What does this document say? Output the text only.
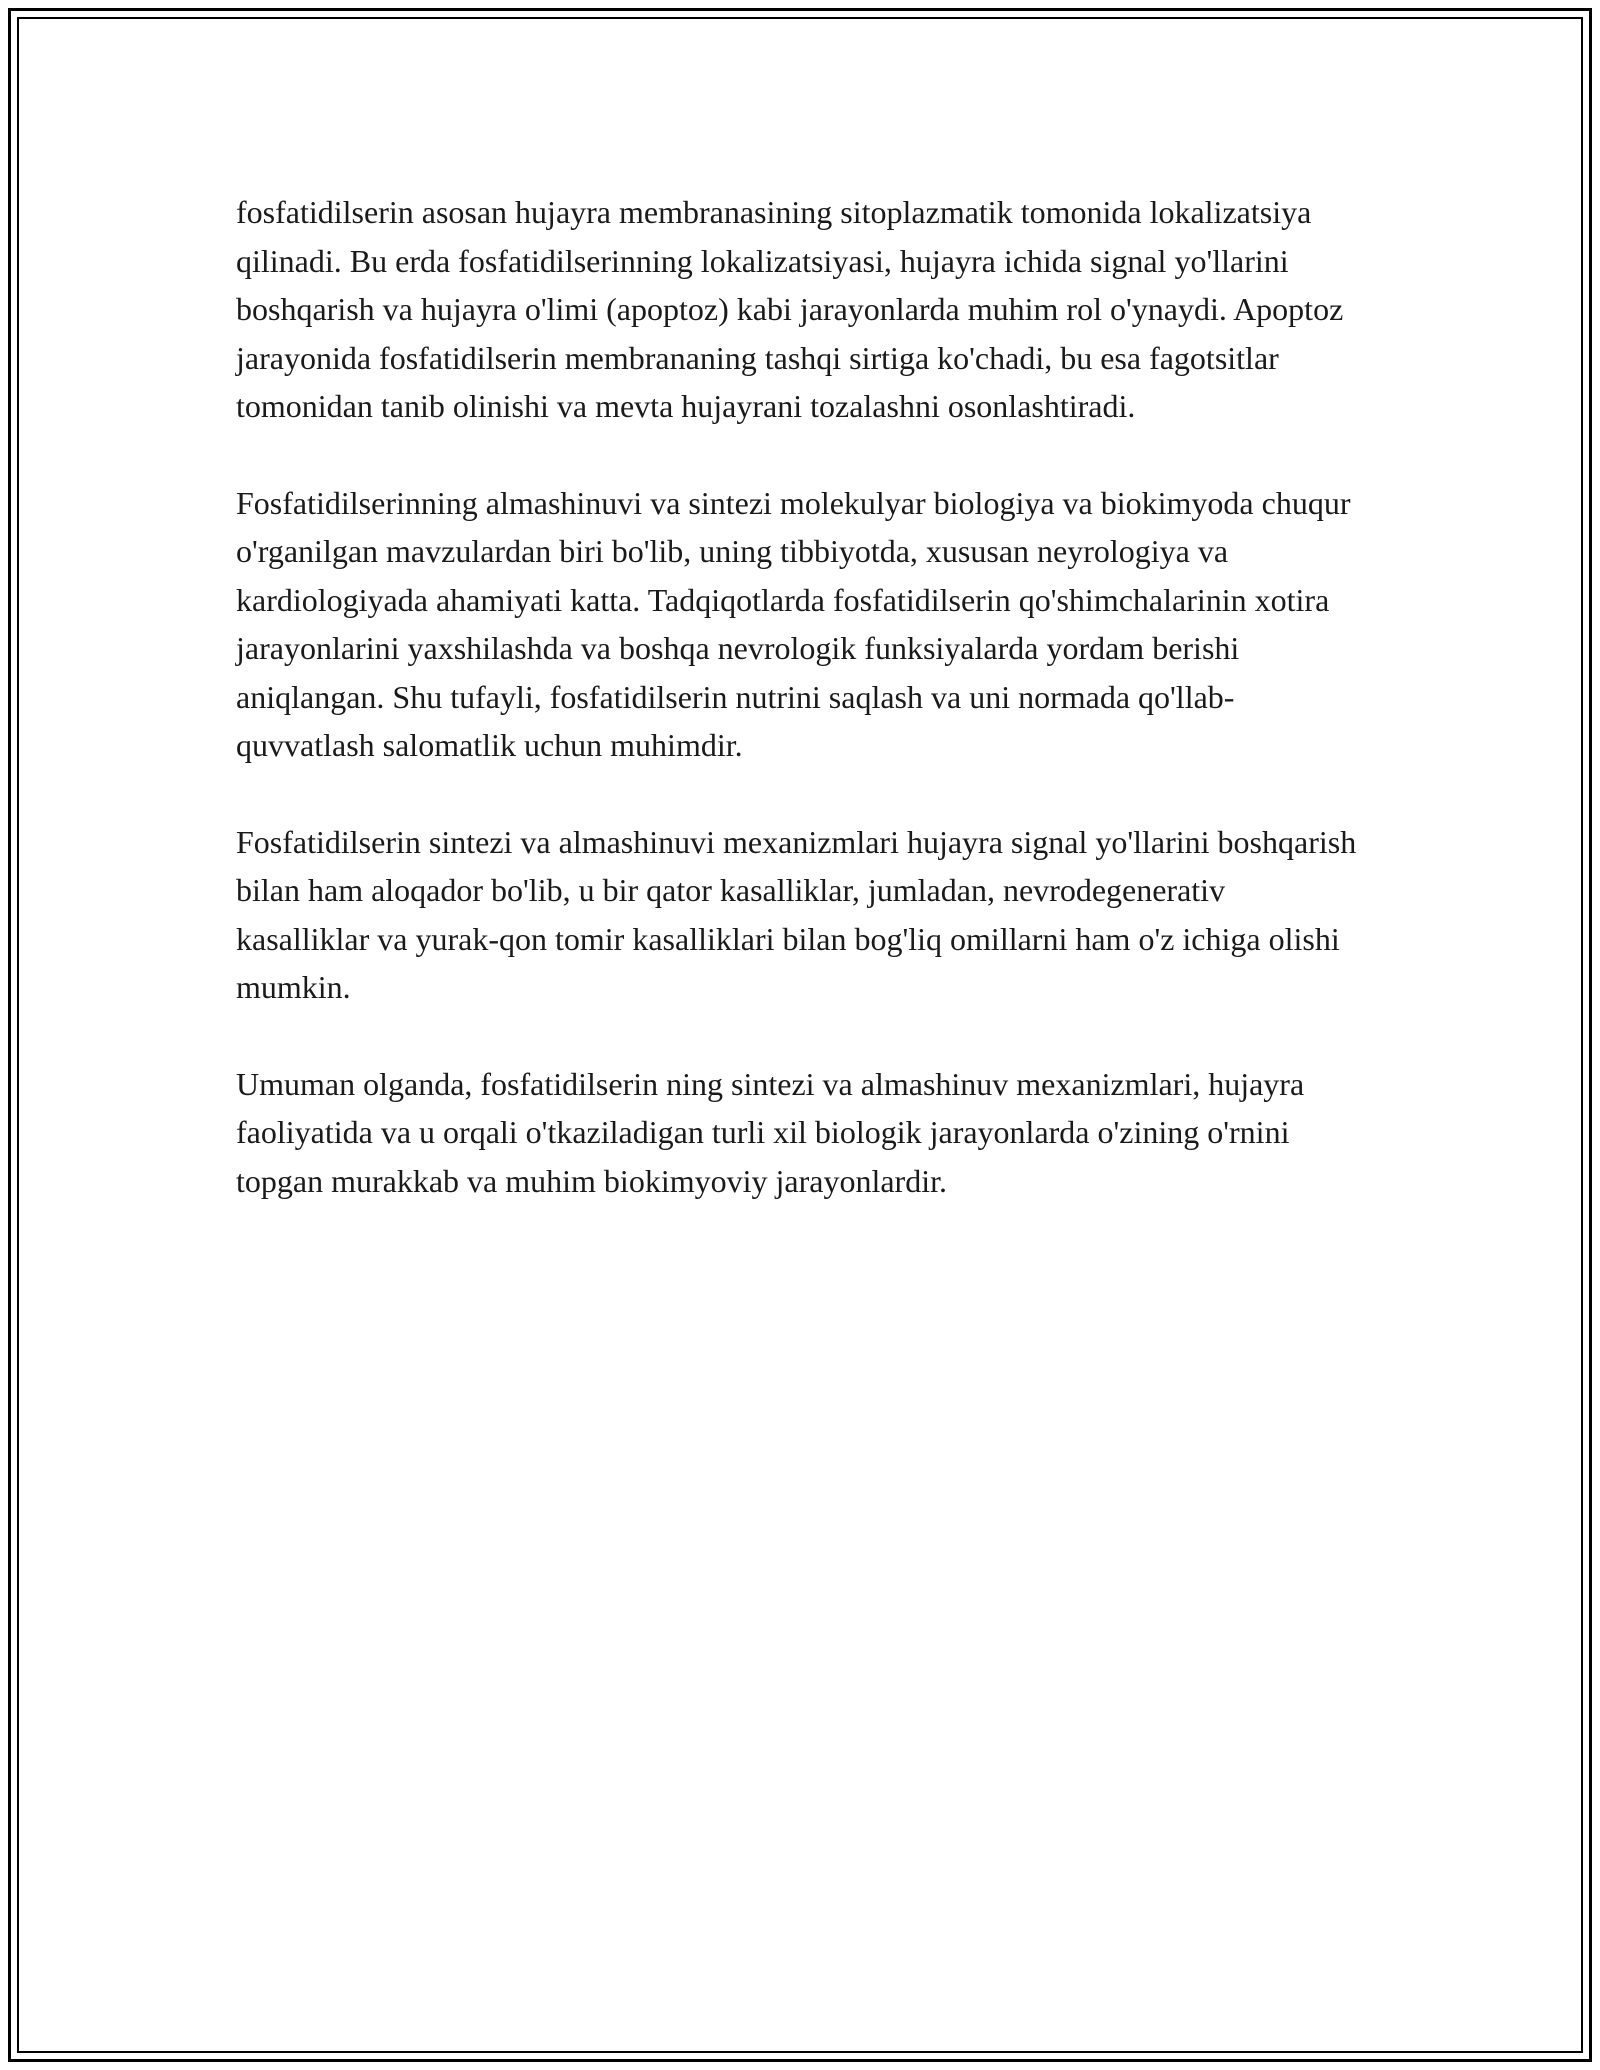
fosfatidilserin asosan hujayra membranasining sitoplazmatik tomonida lokalizatsiya qilinadi. Bu erda fosfatidilserinning lokalizatsiyasi, hujayra ichida signal yo'llarini boshqarish va hujayra o'limi (apoptoz) kabi jarayonlarda muhim rol o'ynaydi. Apoptoz jarayonida fosfatidilserin membrananing tashqi sirtiga ko'chadi, bu esa fagotsitlar tomonidan tanib olinishi va mevta hujayrani tozalashni osonlashtiradi.

Fosfatidilserinning almashinuvi va sintezi molekulyar biologiya va biokimyoda chuqur o'rganilgan mavzulardan biri bo'lib, uning tibbiyotda, xususan neyrologiya va kardiologiyada ahamiyati katta. Tadqiqotlarda fosfatidilserin qo'shimchalarinin xotira jarayonlarini yaxshilashda va boshqa nevrologik funksiyalarda yordam berishi aniqlangan. Shu tufayli, fosfatidilserin nutrini saqlash va uni normada qo'llab-quvvatlash salomatlik uchun muhimdir.

Fosfatidilserin sintezi va almashinuvi mexanizmlari hujayra signal yo'llarini boshqarish bilan ham aloqador bo'lib, u bir qator kasalliklar, jumladan, nevrodegenerativ kasalliklar va yurak-qon tomir kasalliklari bilan bog'liq omillarni ham o'z ichiga olishi mumkin.

Umuman olganda, fosfatidilserin ning sintezi va almashinuv mexanizmlari, hujayra faoliyatida va u orqali o'tkaziladigan turli xil biologik jarayonlarda o'zining o'rnini topgan murakkab va muhim biokimyoviy jarayonlardir.
